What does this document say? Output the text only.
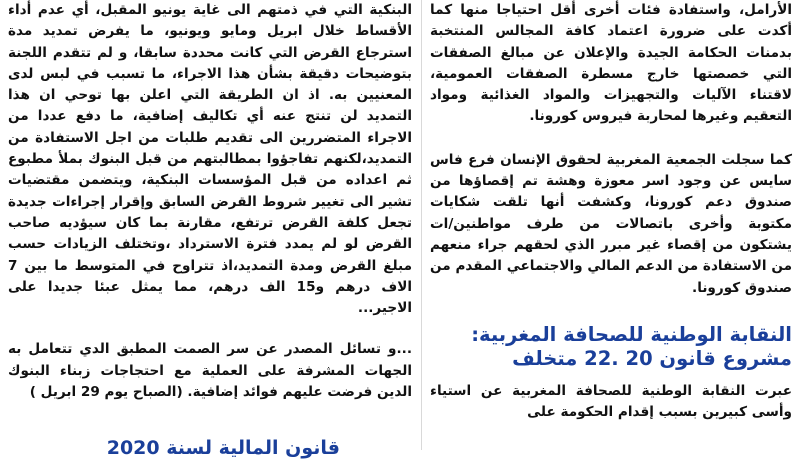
البنكية التي في ذمتهم الى غاية يونيو المقبل، أي عدم أداء الأقساط خلال ابريل ومايو ويونيو، ما يفرض تمديد مدة استرجاع القرض التي كانت محددة سابقا، و لم تتقدم اللجنة بتوضيحات دقيقة بشأن هذا الاجراء، ما تسبب في لبس لدى المعنيين به. اذ ان الطريقة التي اعلن بها توحي ان هذا التمديد لن تنتج عنه أي تكاليف إضافية، ما دفع عددا من الاجراء المتضررين الى تقديم طلبات من اجل الاستفادة من التمديد،لكنهم تفاجؤوا بمطالبتهم من قبل البنوك بملأ مطبوع ثم اعداده من قبل المؤسسات البنكية، ويتضمن مقتضيات تشير الى تغيير شروط القرض السابق وإقرار إجراءات جديدة تجعل كلفة القرض ترتفع، مقارنة بما كان سيؤديه صاحب القرض لو لم يمدد فترة الاسترداد ،وتختلف الزيادات حسب مبلغ القرض ومدة التمديد،اذ تتراوح في المتوسط ما بين 7 الاف درهم و15 الف درهم، مما يمثل عبئا جديدا على الاجير...

...و تسائل المصدر عن سر الصمت المطبق الدي تتعامل به الجهات المشرفة على العملية مع احتجاجات زبناء البنوك الدين فرضت عليهم فوائد إضافية. (الصباح يوم 29 ابريل )

قانون المالية لسنة 2020

الأرامل، واستفادة فئات أخرى أقل احتياجا منها كما أكدت على ضرورة اعتماد كافة المجالس المنتخبة بدمنات الحكامة الجيدة والإعلان عن مبالغ الصفقات التي خصصتها خارج مسطرة الصفقات العمومية، لاقتناء الآليات والتجهيزات والمواد الغذائية ومواد التعقيم وغيرها لمحاربة فيروس كورونا.

كما سجلت الجمعية المغربية لحقوق الإنسان فرع فاس سايس عن وجود اسر معوزة وهشة تم إقصاؤها من صندوق دعم كورونا، وكشفت أنها تلقت شكايات مكتوبة وأخرى باتصالات من طرف مواطنين/ات يشتكون من إقصاء غير مبرر الذي لحقهم جراء منعهم من الاستفادة من الدعم المالي والاجتماعي المقدم من صندوق كورونا.

النقابة الوطنية للصحافة المغربية:
مشروع قانون 20 .22 متخلف

عبرت النقابة الوطنية للصحافة المغربية عن استياء وأسى كبيرين بسبب إقدام الحكومة على
